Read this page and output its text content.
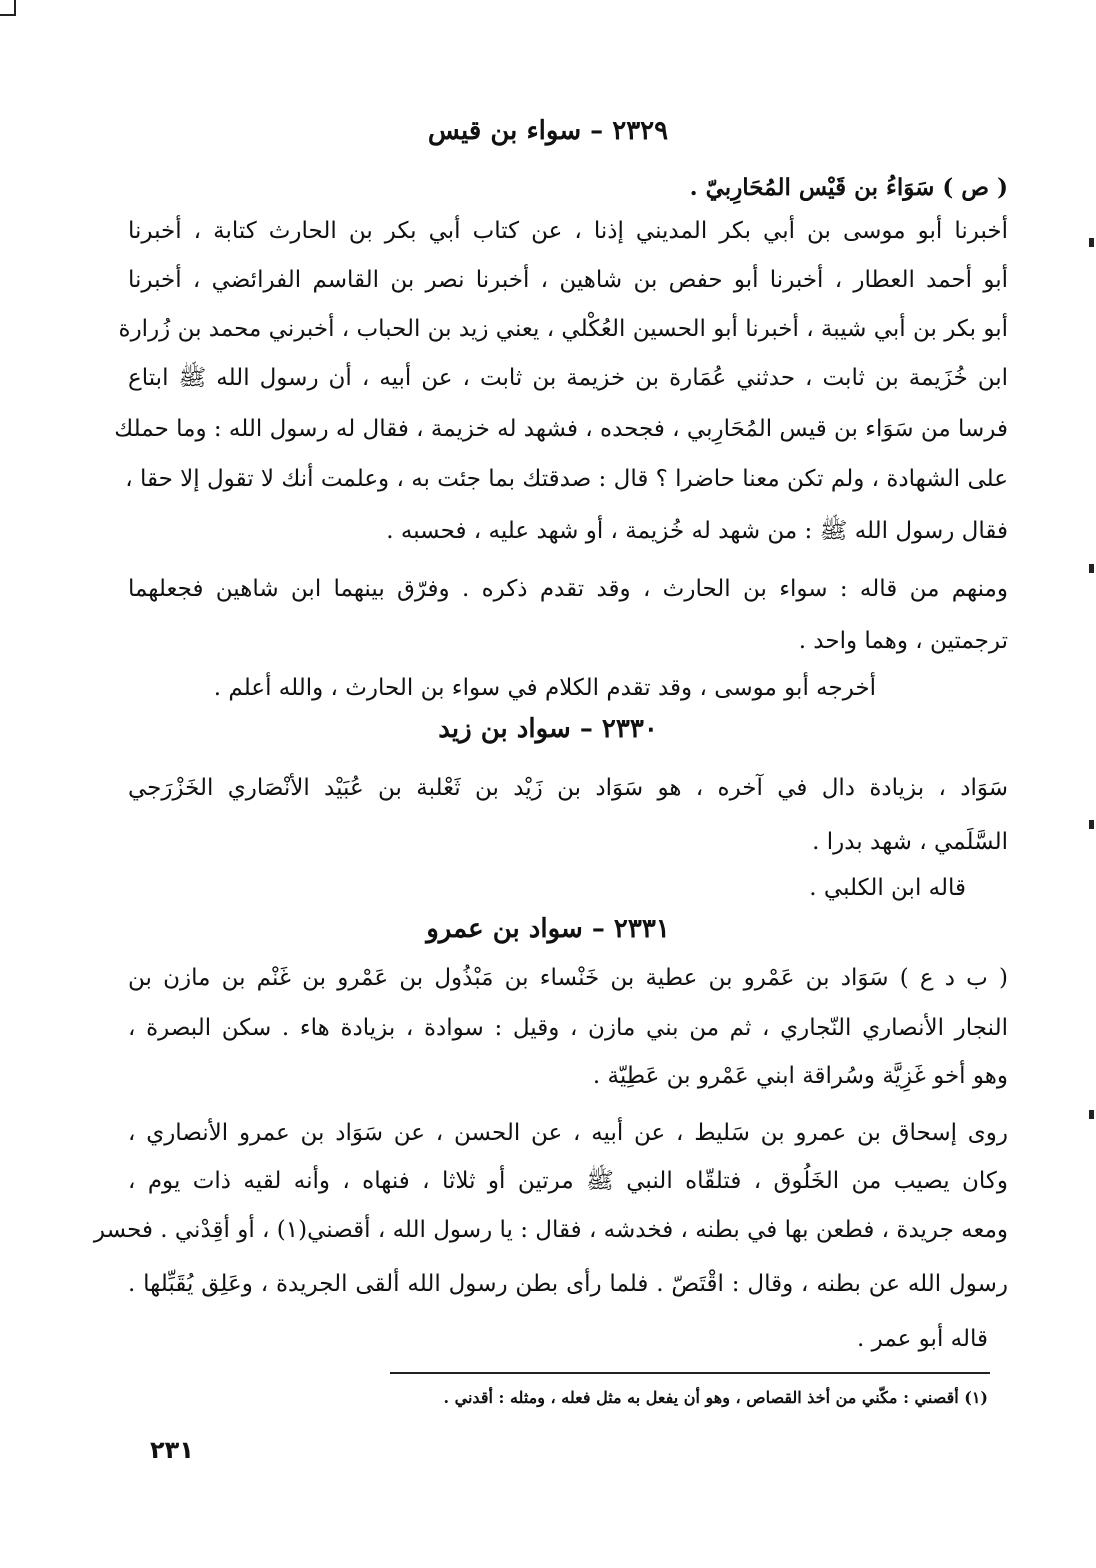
٢٣٢٩ – سواء بن قيس
( ص ) سَوَاءُ بن قَيْس المُحَارِبيّ .
أخبرنا أبو موسى بن أبي بكر المديني إذنا ، عن كتاب أبي بكر بن الحارث كتابة ، أخبرنا
أبو أحمد العطار ، أخبرنا أبو حفص بن شاهين ، أخبرنا نصر بن القاسم الفرائضي ، أخبرنا
أبو بكر بن أبي شيبة ، أخبرنا أبو الحسين العُكْلي ، يعني زيد بن الحباب ، أخبرني محمد بن زُرارة
ابن خُزَيمة بن ثابت ، حدثني عُمَارة بن خزيمة بن ثابت ، عن أبيه ، أن رسول الله ﷺ ابتاع
فرسا من سَوَاء بن قيس المُحَارِبي ، فجحده ، فشهد له خزيمة ، فقال له رسول الله : وما حملك
على الشهادة ، ولم تكن معنا حاضرا ؟ قال : صدقتك بما جئت به ، وعلمت أنك لا تقول إلا حقا ،
فقال رسول الله ﷺ : من شهد له خُزيمة ، أو شهد عليه ، فحسبه .
ومنهم من قاله : سواء بن الحارث ، وقد تقدم ذكره . وفرّق بينهما ابن شاهين فجعلهما
ترجمتين ، وهما واحد .
أخرجه أبو موسى ، وقد تقدم الكلام في سواء بن الحارث ، والله أعلم .
٢٣٣٠ – سواد بن زيد
سَوَاد ، بزيادة دال في آخره ، هو سَوَاد بن زَيْد بن ثَعْلبة بن عُبَيْد الأنْصَاري الخَزْرَجي
السَّلَمي ، شهد بدرا .
قاله ابن الكلبي .
٢٣٣١ – سواد بن عمرو
( ب د ع ) سَوَاد بن عَمْرو بن عطية بن خَنْساء بن مَبْذُول بن عَمْرو بن غَنْم بن مازن بن
النجار الأنصاري النّجاري ، ثم من بني مازن ، وقيل : سوادة ، بزيادة هاء . سكن البصرة ،
وهو أخو غَزِيَّة وسُراقة ابني عَمْرو بن عَطِيّة .
روى إسحاق بن عمرو بن سَليط ، عن أبيه ، عن الحسن ، عن سَوَاد بن عمرو الأنصاري ،
وكان يصيب من الخَلُوق ، فتلقّاه النبي ﷺ مرتين أو ثلاثا ، فنهاه ، وأنه لقيه ذات يوم ،
ومعه جريدة ، فطعن بها في بطنه ، فخدشه ، فقال : يا رسول الله ، أقصني(١) ، أو أقِدْني . فحسر
رسول الله عن بطنه ، وقال : اقْتَصّ . فلما رأى بطن رسول الله ألقى الجريدة ، وعَلِق يُقَبِّلها .
قاله أبو عمر .
(١) أقصني : مكّني من أخذ القصاص ، وهو أن يفعل به مثل فعله ، ومثله : أقدني .
٢٣١
